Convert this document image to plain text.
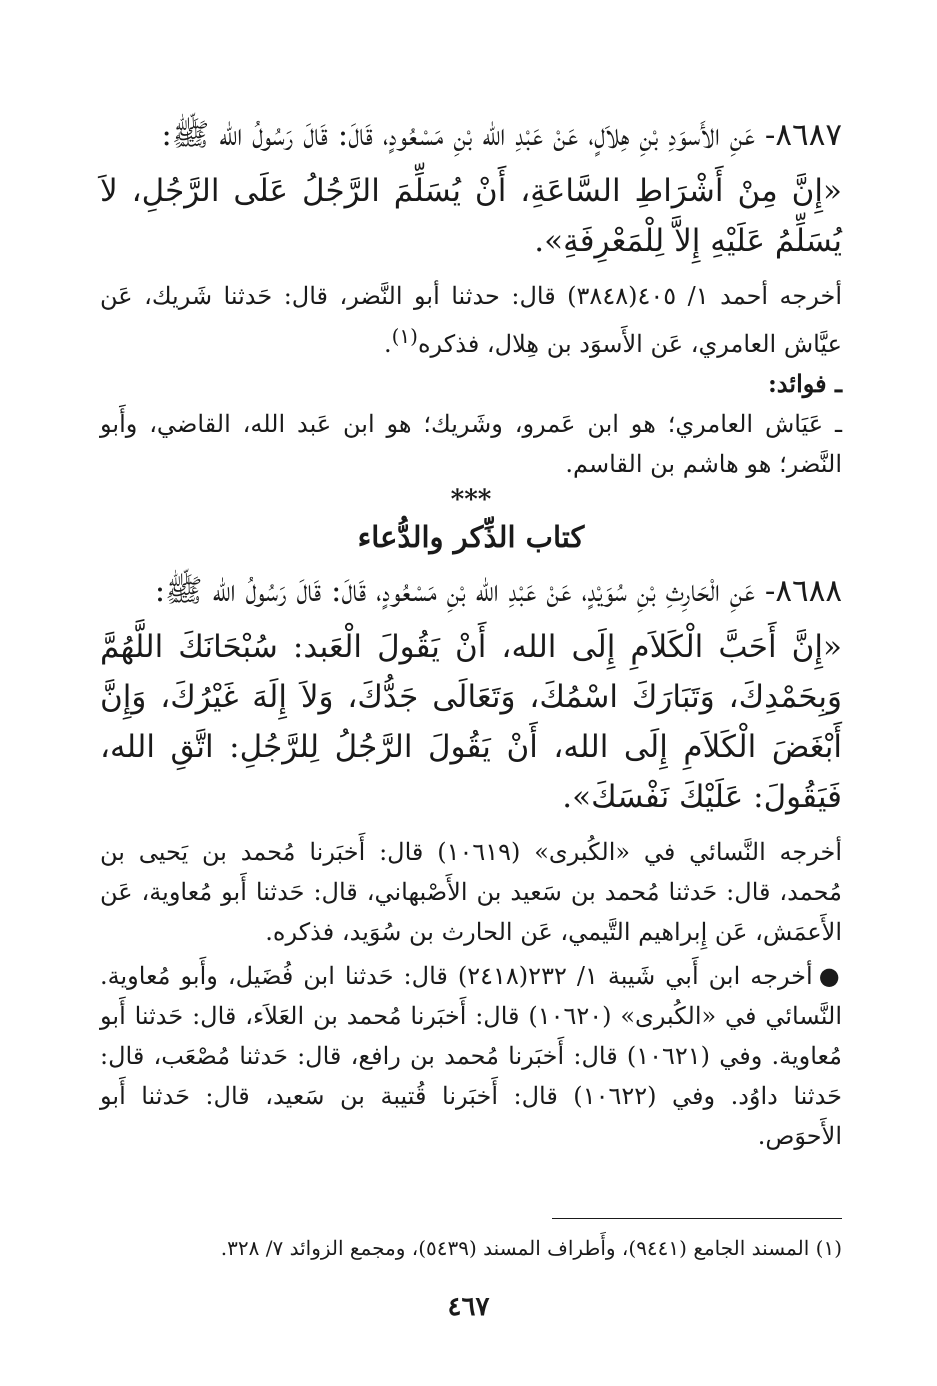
٨٦٨٧- عَنِ الأَسوَدِ بْنِ هِلاَلٍ، عَنْ عَبْدِ الله بْنِ مَسْعُودٍ، قَالَ: قَالَ رَسُولُ الله ﷺ:

«إِنَّ مِنْ أَشْرَاطِ السَّاعَةِ، أَنْ يُسَلِّمَ الرَّجُلُ عَلَى الرَّجُلِ، لاَ يُسَلِّمُ عَلَيْهِ إِلاَّ لِلْمَعْرِفَةِ».

أخرجه أحمد ١/ ٤٠٥(٣٨٤٨) قال: حدثنا أبو النَّضر، قال: حَدثنا شَريك، عَن عيَّاش العامري، عَن الأَسوَد بن هِلال، فذكره$^{(١)}$.

ـ فوائد:

ـ عَيَاش العامري؛ هو ابن عَمرو، وشَريك؛ هو ابن عَبد الله، القاضي، وأَبو النَّضر؛ هو هاشم بن القاسم.

***

كتاب الذِّكر والدُّعاء

٨٦٨٨- عَنِ الْحَارِثِ بْنِ سُوَيْدٍ، عَنْ عَبْدِ الله بْنِ مَسْعُودٍ، قَالَ: قَالَ رَسُولُ الله ﷺ:

«إِنَّ أَحَبَّ الْكَلاَمِ إِلَى الله، أَنْ يَقُولَ الْعَبد: سُبْحَانَكَ اللَّهُمَّ وَبِحَمْدِكَ، وَتَبَارَكَ اسْمُكَ، وَتَعَالَى جَدُّكَ، وَلاَ إِلَهَ غَيْرُكَ، وَإِنَّ أَبْغَضَ الْكَلاَمِ إِلَى الله، أَنْ يَقُولَ الرَّجُلُ لِلرَّجُلِ: اتَّقِ الله، فَيَقُولَ: عَلَيْكَ نَفْسَكَ».

أخرجه النَّسائي في «الكُبرى» (١٠٦١٩) قال: أَخبَرنا مُحمد بن يَحيى بن مُحمد، قال: حَدثنا مُحمد بن سَعيد بن الأَصْبهاني، قال: حَدثنا أَبو مُعاوية، عَن الأَعمَش، عَن إِبراهيم التَّيمي، عَن الحارث بن سُوَيد، فذكره.

●أخرجه ابن أَبي شَيبة ١/ ٢٣٢(٢٤١٨) قال: حَدثنا ابن فُضَيل، وأَبو مُعاوية. النَّسائي في «الكُبرى» (١٠٦٢٠) قال: أَخبَرنا مُحمد بن العَلاَء، قال: حَدثنا أَبو مُعاوية. وفي (١٠٦٢١) قال: أَخبَرنا مُحمد بن رافع، قال: حَدثنا مُصْعَب، قال: حَدثنا داوُد. وفي (١٠٦٢٢) قال: أَخبَرنا قُتيبة بن سَعيد، قال: حَدثنا أَبو الأَحوَص.

(١) المسند الجامع (٩٤٤١)، وأَطراف المسند (٥٤٣٩)، ومجمع الزوائد ٧/ ٣٢٨.

٤٦٧
